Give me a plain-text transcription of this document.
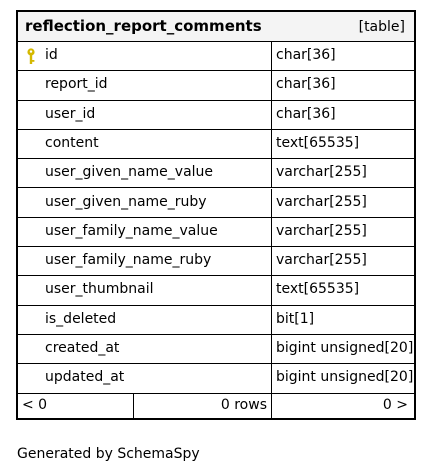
reflection_report_comments	[table]
id	char[36]
report_id	char[36]
user_id	char[36]
content	text[65535]
user_given_name_value	varchar[255]
user_given_name_ruby	varchar[255]
user_family_name_value	varchar[255]
user_family_name_ruby	varchar[255]
user_thumbnail	text[65535]
is_deleted	bit[1]
created_at	bigint unsigned[20]
updated_at	bigint unsigned[20]
< 0	0 rows	0 >
Generated by SchemaSpy
